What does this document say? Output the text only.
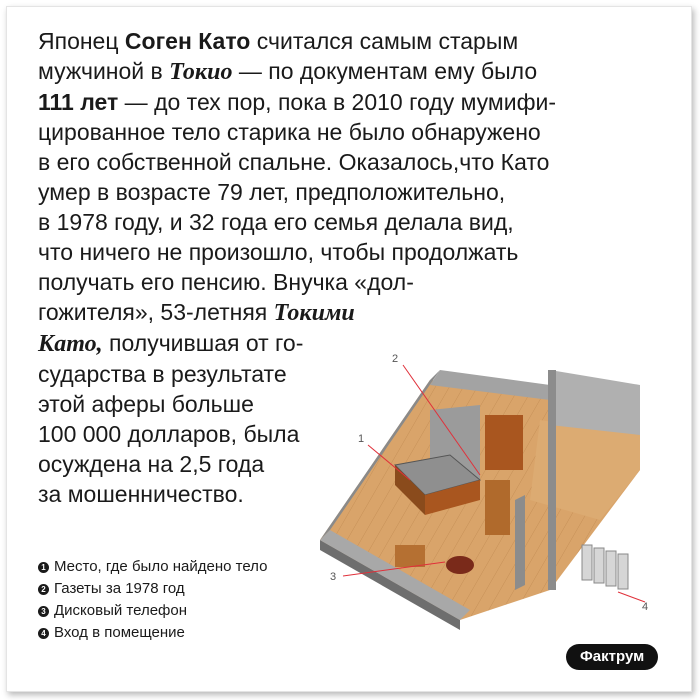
Японец Соген Като считался самым старым
мужчиной в Токио — по документам ему было
111 лет — до тех пор, пока в 2010 году мумифи-
цированное тело старика не было обнаружено
в его собственной спальне. Оказалось,что Като
умер в возрасте 79 лет, предположительно,
в 1978 году, и 32 года его семья делала вид,
что ничего не произошло, чтобы продолжать
получать его пенсию. Внучка «дол-
гожителя», 53-летняя Токими
Като, получившая от го-
сударства в результате
этой аферы больше
100 000 долларов, была
осуждена на 2,5 года
за мошенничество.

1
2
3
4
1 Место, где было найдено тело
2 Газеты за 1978 год
3 Дисковый телефон
4 Вход в помещение
Фактрум
